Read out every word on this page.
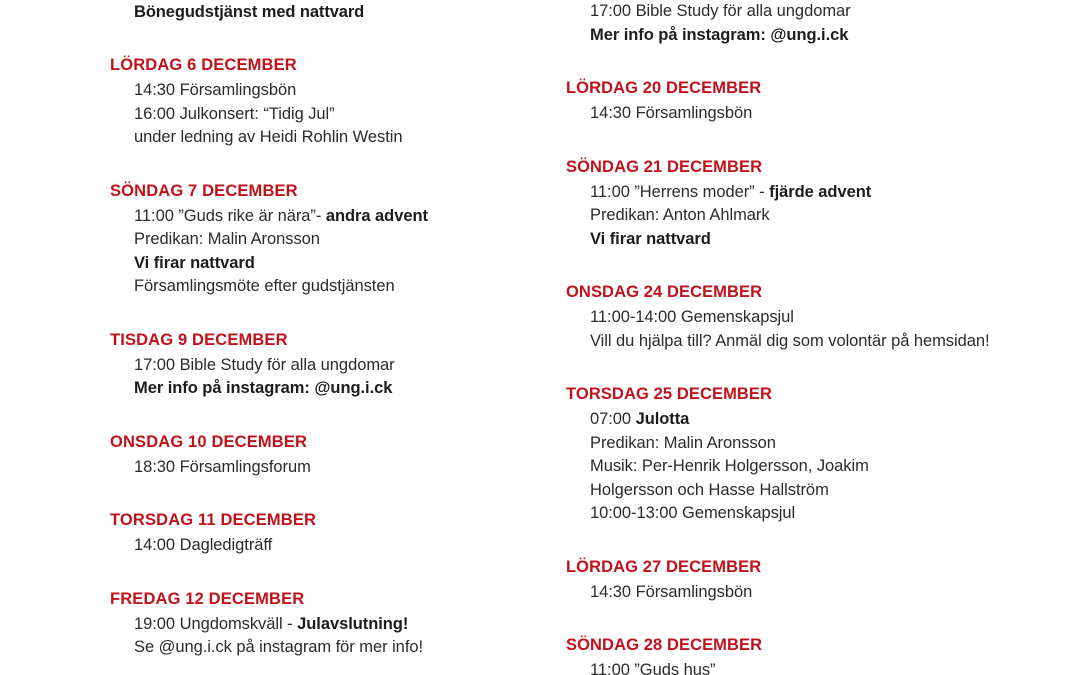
Bönegudstjänst med nattvard
LÖRDAG 6 DECEMBER
14:30 Församlingsbön
16:00 Julkonsert: “Tidig Jul”
under ledning av Heidi Rohlin Westin
SÖNDAG 7 DECEMBER
11:00 ”Guds rike är nära”- andra advent
Predikan: Malin Aronsson
Vi firar nattvard
Församlingsmöte efter gudstjänsten
TISDAG 9 DECEMBER
17:00 Bible Study för alla ungdomar
Mer info på instagram: @ung.i.ck
ONSDAG 10 DECEMBER
18:30 Församlingsforum
TORSDAG 11 DECEMBER
14:00 Dagledigträff
FREDAG 12 DECEMBER
19:00 Ungdomskväll - Julavslutning!
Se @ung.i.ck på instagram för mer info!
17:00 Bible Study för alla ungdomar
Mer info på instagram: @ung.i.ck
LÖRDAG 20 DECEMBER
14:30 Församlingsbön
SÖNDAG 21 DECEMBER
11:00 ”Herrens moder” - fjärde advent
Predikan: Anton Ahlmark
Vi firar nattvard
ONSDAG 24 DECEMBER
11:00-14:00 Gemenskapsjul
Vill du hjälpa till? Anmäl dig som volontär på hemsidan!
TORSDAG 25 DECEMBER
07:00 Julotta
Predikan: Malin Aronsson
Musik: Per-Henrik Holgersson, Joakim
Holgersson och Hasse Hallström
10:00-13:00 Gemenskapsjul
LÖRDAG 27 DECEMBER
14:30 Församlingsbön
SÖNDAG 28 DECEMBER
11:00 ”Guds hus”
